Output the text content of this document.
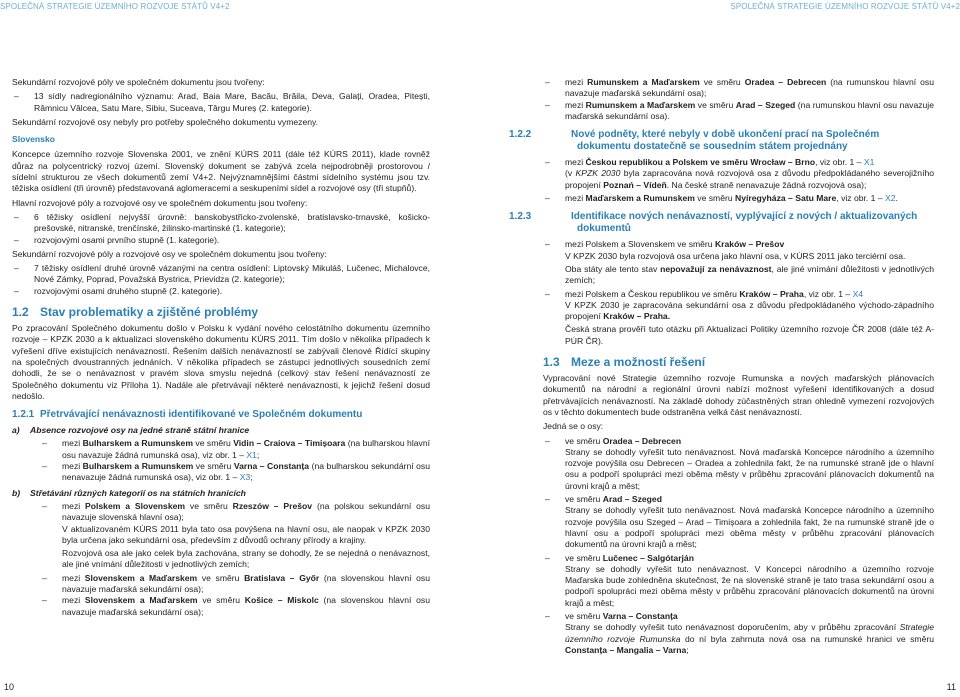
SPOLEČNÁ STRATEGIE ÚZEMNÍHO ROZVOJE STÁTŮ V4+2

Sekundární rozvojové póly ve společném dokumentu jsou tvořeny:

– 13 sídly nadregionálního významu: Arad, Baia Mare, Bacău, Brăila, Deva, Galați, Oradea, Pitești, Râmnicu Vâlcea, Satu Mare, Sibiu, Suceava, Târgu Mureș (2. kategorie).

Sekundární rozvojové osy nebyly pro potřeby společného dokumentu vymezeny.

Slovensko

Koncepce územního rozvoje Slovenska 2001, ve znění KÚRS 2011 (dále též KÚRS 2011), klade rovněž důraz na polycentrický rozvoj území. Slovenský dokument se zabývá zcela nejpodrobněji prostorovou / sídelní strukturou ze všech dokumentů zemí V4+2. Nejvýznamnějšími částmi sídelního systému jsou tzv. těžiska osídlení (tři úrovně) představovaná aglomeracemi a seskupeními sídel a rozvojové osy (tři stupňů).

Hlavní rozvojové póly a rozvojové osy ve společném dokumentu jsou tvořeny:

– 6 těžisky osídlení nejvyšší úrovně: banskobystřicko-zvolenské, bratislavsko-trnavské, košicko-prešovské, nitranské, trenčínské, žilinsko-martinské (1. kategorie);
– rozvojovými osami prvního stupně (1. kategorie).

Sekundární rozvojové póly a rozvojové osy ve společném dokumentu jsou tvořeny:

– 7 těžisky osídlení druhé úrovně vázanými na centra osídlení: Liptovský Mikuláš, Lučenec, Michalovce, Nové Zámky, Poprad, Považská Bystrica, Prievidza (2. kategorie);
– rozvojovými osami druhého stupně (2. kategorie).
1.2 Stav problematiky a zjištěné problémy

Po zpracování Společného dokumentu došlo v Polsku k vydání nového celostátního dokumentu územního rozvoje – KPZK 2030 a k aktualizaci slovenského dokumentu KÚRS 2011. Tím došlo v několika případech k vyřešení dříve existujících nenávazností. Řešením dalších nenávazností se zabývali členové Řídící skupiny na společných dvoustranných jednáních. V několika případech se zástupci jednotlivých sousedních zemí dohodli, že se o nenávaznost v pravém slova smyslu nejedná (celkový stav řešení nenávazností ze Společného dokumentu viz Příloha 1). Nadále ale přetrvávají některé nenávaznosti, k jejichž řešení dosud nedošlo.

1.2.1 Přetrvávající nenávaznosti identifikované ve Společném dokumentu
a) Absence rozvojové osy na jedné straně státní hranice
– mezi Bulharskem a Rumunskem ve směru Vidin – Craiova – Timișoara (na bulharskou hlavní osu navazuje žádná rumunská osa), viz obr. 1 – X1;
– mezi Bulharskem a Rumunskem ve směru Varna – Constanța (na bulharskou sekundární osu nenavazuje žádná rumunská osa), viz obr. 1 – X3;
b) Střetávání různých kategorií os na státních hranicích
– mezi Polskem a Slovenskem ve směru Rzeszów – Prešov (na polskou sekundární osu navazuje slovenská hlavní osa);
V aktualizovaném KÚRS 2011 byla tato osa povýšena na hlavní osu, ale naopak v KPZK 2030 byla určena jako sekundární osa, především z důvodů ochrany přírody a krajiny.
Rozvojová osa ale jako celek byla zachována, strany se dohodly, že se nejedná o nenávaznost, ale jiné vnímání důležitosti v jednotlivých zemích;
– mezi Slovenskem a Maďarskem ve směru Bratislava – Győr (na slovenskou hlavní osu navazuje maďarská sekundární osa);
– mezi Slovenskem a Maďarskem ve směru Košice – Miskolc (na slovenskou hlavní osu navazuje maďarská sekundární osa);
10
SPOLEČNÁ STRATEGIE ÚZEMNÍHO ROZVOJE STÁTŮ V4+2
– mezi Rumunskem a Maďarskem ve směru Oradea – Debrecen (na rumunskou hlavní osu navazuje maďarská sekundární osa);
– mezi Rumunskem a Maďarskem ve směru Arad – Szeged (na rumunskou hlavní osu navazuje maďarská sekundární osa).
1.2.2	Nové podněty, které nebyly v době ukončení prací na Společném dokumentu dostatečně se sousedním státem projednány
– mezi Českou republikou a Polskem ve směru Wrocław – Brno, viz obr. 1 – X1
(v KPZK 2030 byla zapracována nová rozvojová osa z důvodu předpokládaného severojižního propojení Poznań – Vídeň. Na české straně nenavazuje žádná rozvojová osa);
– mezi Maďarskem a Rumunskem ve směru Nyíregyháza – Satu Mare, viz obr. 1 – X2.
1.2.3	Identifikace nových nenávazností, vyplývající z nových / aktualizovaných dokumentů
– mezi Polskem a Slovenskem ve směru Kraków – Prešov
V KPZK 2030 byla rozvojová osa určena jako hlavní osa, v KÚRS 2011 jako terciérní osa.
Oba státy ale tento stav nepovažují za nenávaznost, ale jiné vnímání důležitosti v jednotlivých zemích;
– mezi Polskem a Českou republikou ve směru Kraków – Praha, viz obr. 1 – X4
V KPZK 2030 je zapracována sekundární osa z důvodu předpokládaného východo-západního propojení Kraków – Praha.
Česká strana prověří tuto otázku při Aktualizaci Politiky územního rozvoje ČR 2008 (dále též A-PÚR ČR).
1.3 Meze a možností řešení

Vypracování nové Strategie územního rozvoje Rumunska a nových maďarských plánovacích dokumentů na národní a regionální úrovni nabízí možnost vyřešení identifikovaných a dosud přetrvávajících nenávazností. Na základě dohody zúčastněných stran ohledně vymezení rozvojových os v těchto dokumentech bude odstraněna velká část nenávazností.

Jedná se o osy:

– ve směru Oradea – Debrecen
Strany se dohodly vyřešit tuto nenávaznost. Nová maďarská Koncepce národního a územního rozvoje povýšila osu Debrecen – Oradea a zohlednila fakt, že na rumunské straně jde o hlavní osu a podpoří spolupráci mezi oběma městy v průběhu zpracování plánovacích dokumentů na úrovni krajů a měst;
– ve směru Arad – Szeged
Strany se dohodly vyřešit tuto nenávaznost. Nová maďarská Koncepce národního a územního rozvoje povýšila osu Szeged – Arad – Timișoara a zohlednila fakt, že na rumunské straně jde o hlavní osu a podpoří spolupráci mezi oběma městy v průběhu zpracování plánovacích dokumentů na úrovni krajů a měst;
– ve směru Lučenec – Salgótarján
Strany se dohodly vyřešit tuto nenávaznost. V Koncepci národního a územního rozvoje Maďarska bude zohledněna skutečnost, že na slovenské straně je tato trasa sekundární osou a podpoří spolupráci mezi oběma městy v průběhu zpracování plánovacích dokumentů na úrovni krajů a měst;
– ve směru Varna – Constanța
Strany se dohodly vyřešit tuto nenávaznost doporučením, aby v průběhu zpracování Strategie územního rozvoje Rumunska do ní byla zahrnuta nová osa na rumunské hranici ve směru Constanța – Mangalia – Varna;
11
